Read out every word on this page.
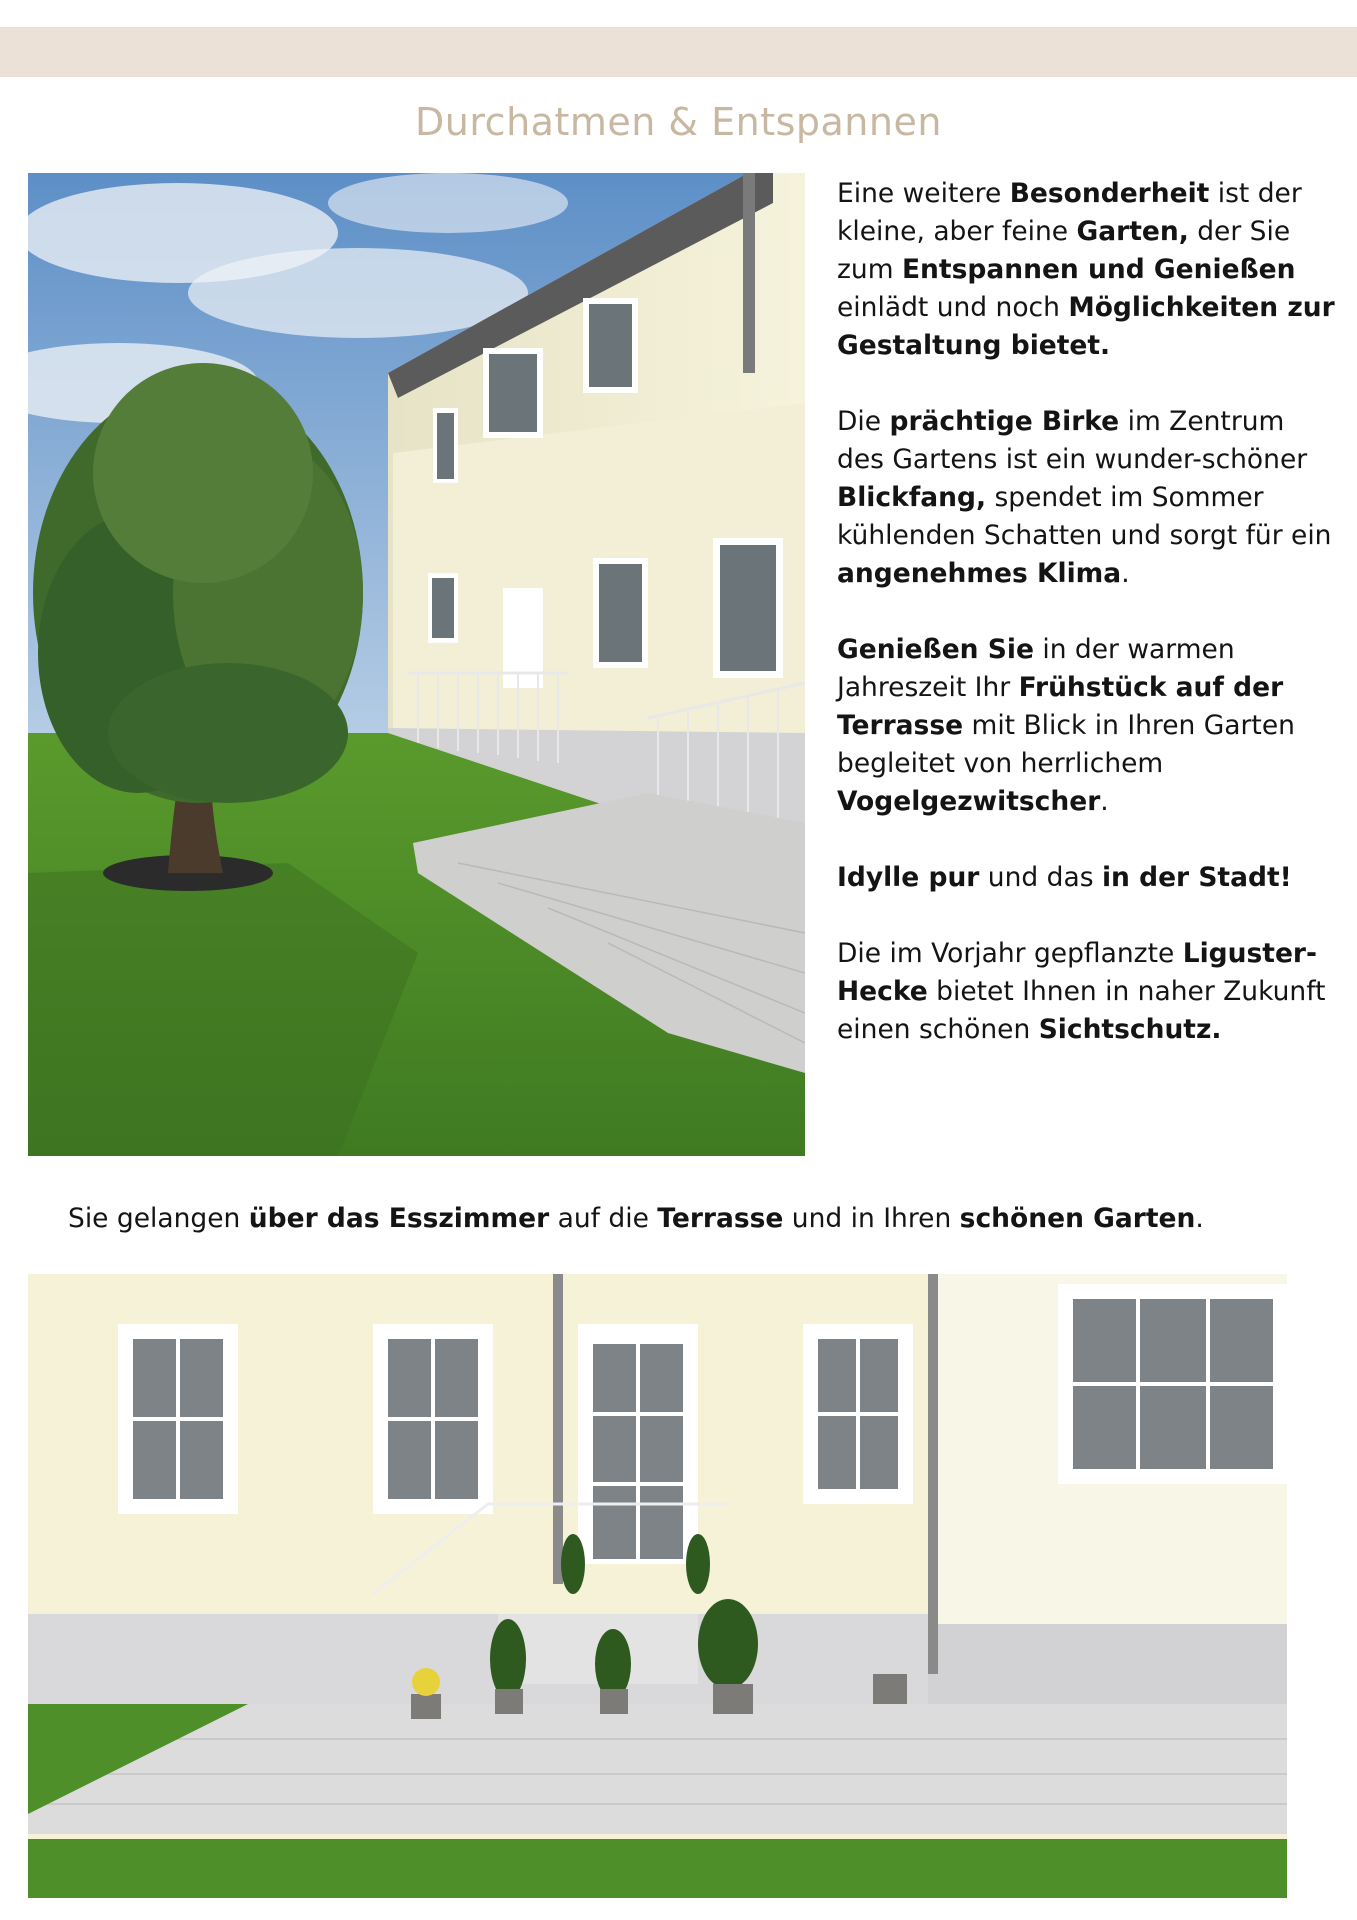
Durchatmen & Entspannen

Eine weitere Besonderheit ist der kleine, aber feine Garten, der Sie zum Entspannen und Genießen einlädt und noch Möglichkeiten zur Gestaltung bietet.

Die prächtige Birke im Zentrum des Gartens ist ein wunder-schöner Blickfang, spendet im Sommer kühlenden Schatten und sorgt für ein angenehmes Klima.

Genießen Sie in der warmen Jahreszeit Ihr Frühstück auf der Terrasse mit Blick in Ihren Garten begleitet von herrlichem Vogelgezwitscher.

Idylle pur und das in der Stadt!

Die im Vorjahr gepflanzte Liguster-Hecke bietet Ihnen in naher Zukunft einen schönen Sichtschutz.

Sie gelangen über das Esszimmer auf die Terrasse und in Ihren schönen Garten.
